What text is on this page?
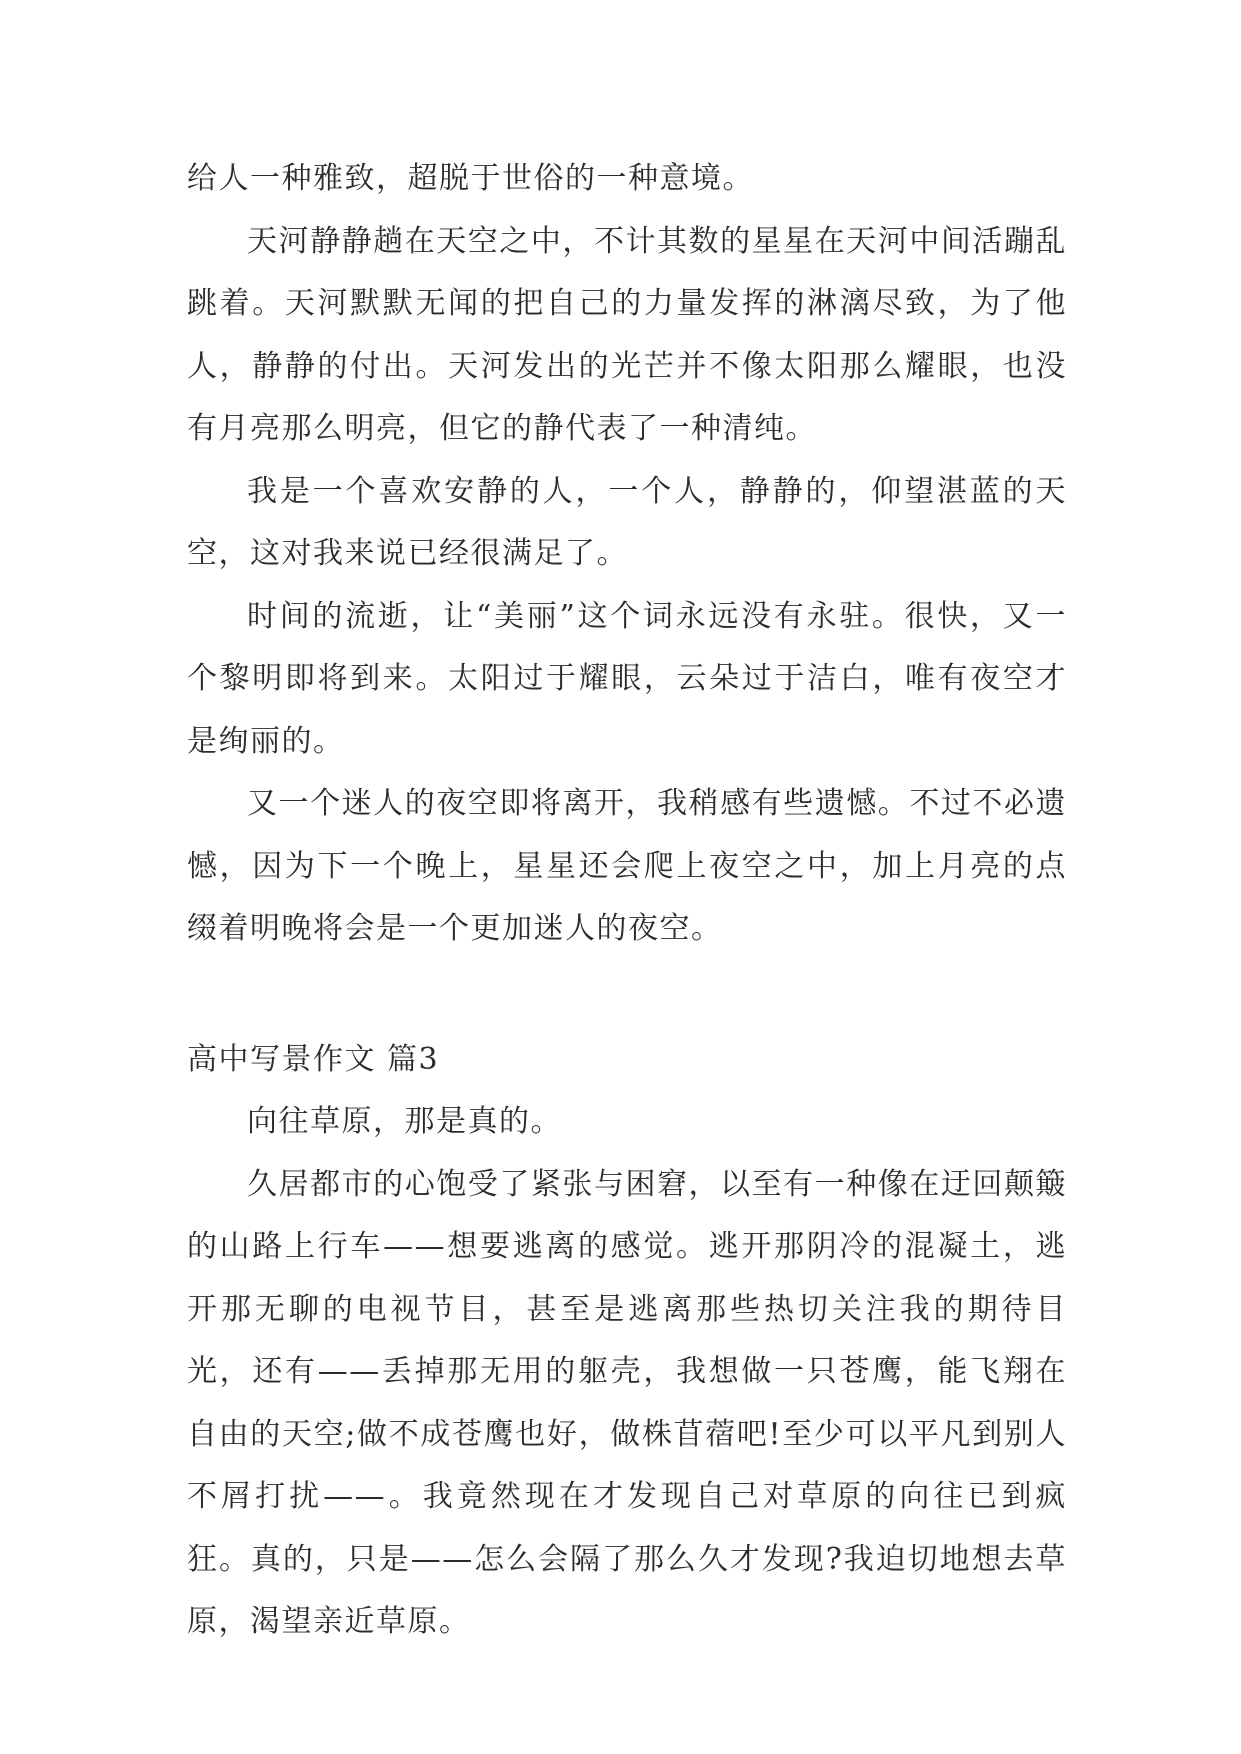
给人一种雅致，超脱于世俗的一种意境。

天河静静趟在天空之中，不计其数的星星在天河中间活蹦乱跳着。天河默默无闻的把自己的力量发挥的淋漓尽致，为了他人，静静的付出。天河发出的光芒并不像太阳那么耀眼，也没有月亮那么明亮，但它的静代表了一种清纯。

我是一个喜欢安静的人，一个人，静静的，仰望湛蓝的天空，这对我来说已经很满足了。

时间的流逝，让“美丽”这个词永远没有永驻。很快，又一个黎明即将到来。太阳过于耀眼，云朵过于洁白，唯有夜空才是绚丽的。

又一个迷人的夜空即将离开，我稍感有些遗憾。不过不必遗憾，因为下一个晚上，星星还会爬上夜空之中，加上月亮的点缀着明晚将会是一个更加迷人的夜空。

高中写景作文 篇3

向往草原，那是真的。

久居都市的心饱受了紧张与困窘，以至有一种像在迂回颠簸的山路上行车——想要逃离的感觉。逃开那阴冷的混凝土，逃开那无聊的电视节目，甚至是逃离那些热切关注我的期待目光，还有——丢掉那无用的躯壳，我想做一只苍鹰，能飞翔在自由的天空;做不成苍鹰也好，做株苜蓿吧!至少可以平凡到别人不屑打扰——。我竟然现在才发现自己对草原的向往已到疯狂。真的，只是——怎么会隔了那么久才发现?我迫切地想去草原，渴望亲近草原。
